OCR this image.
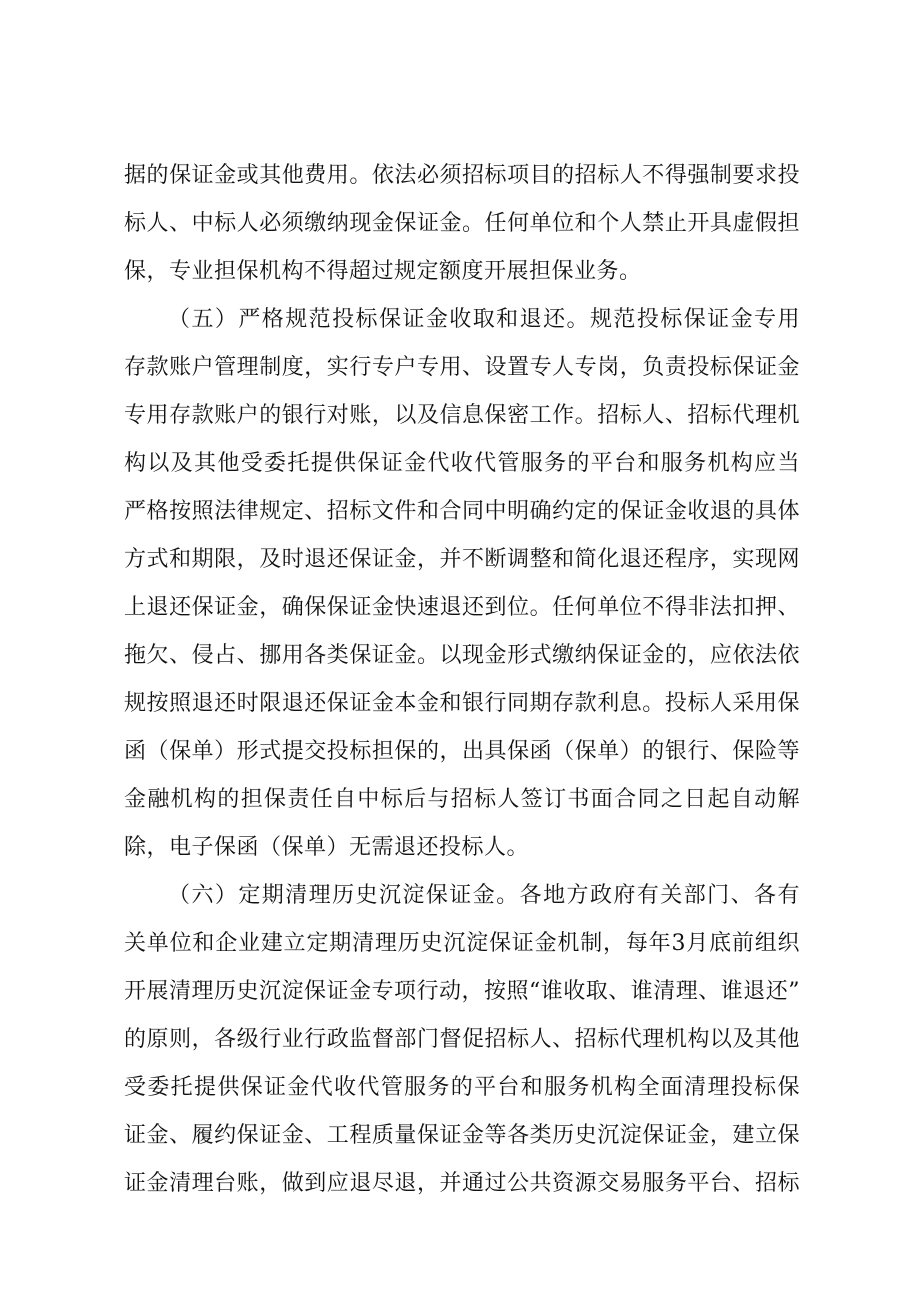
据的保证金或其他费用。依法必须招标项目的招标人不得强制要求投
标人、中标人必须缴纳现金保证金。任何单位和个人禁止开具虚假担
保，专业担保机构不得超过规定额度开展担保业务。
（五）严格规范投标保证金收取和退还。规范投标保证金专用
存款账户管理制度，实行专户专用、设置专人专岗，负责投标保证金
专用存款账户的银行对账，以及信息保密工作。招标人、招标代理机
构以及其他受委托提供保证金代收代管服务的平台和服务机构应当
严格按照法律规定、招标文件和合同中明确约定的保证金收退的具体
方式和期限，及时退还保证金，并不断调整和简化退还程序，实现网
上退还保证金，确保保证金快速退还到位。任何单位不得非法扣押、
拖欠、侵占、挪用各类保证金。以现金形式缴纳保证金的，应依法依
规按照退还时限退还保证金本金和银行同期存款利息。投标人采用保
函（保单）形式提交投标担保的，出具保函（保单）的银行、保险等
金融机构的担保责任自中标后与招标人签订书面合同之日起自动解
除，电子保函（保单）无需退还投标人。
（六）定期清理历史沉淀保证金。各地方政府有关部门、各有
关单位和企业建立定期清理历史沉淀保证金机制，每年3月底前组织
开展清理历史沉淀保证金专项行动，按照“谁收取、谁清理、谁退还”
的原则，各级行业行政监督部门督促招标人、招标代理机构以及其他
受委托提供保证金代收代管服务的平台和服务机构全面清理投标保
证金、履约保证金、工程质量保证金等各类历史沉淀保证金，建立保
证金清理台账，做到应退尽退，并通过公共资源交易服务平台、招标
